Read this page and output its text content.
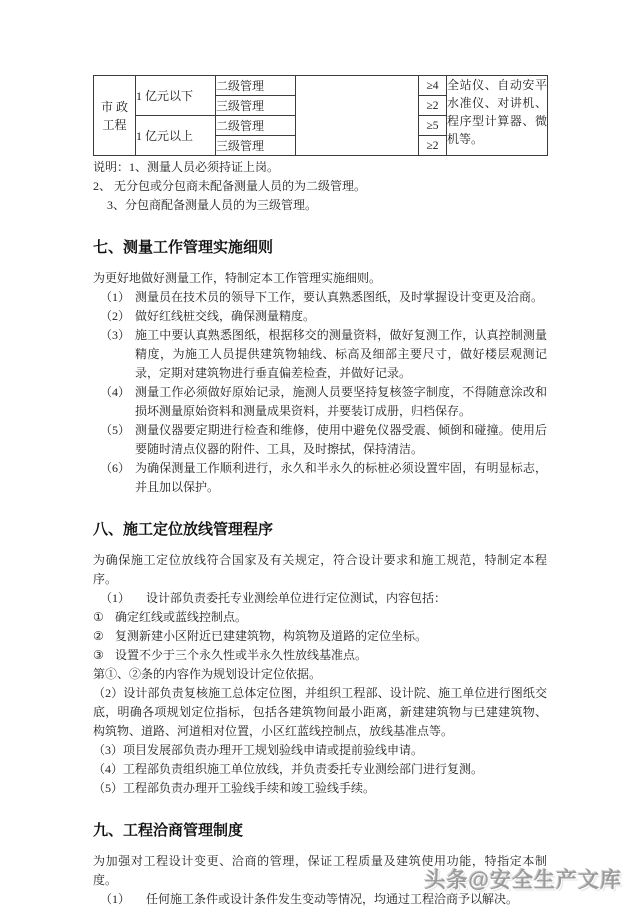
市 政
工程	1 亿元以下	二级管理		≥4	全站仪、自动安平水准仪、对讲机、程序型计算器、微机等。
		三级管理		≥2	
	1 亿元以上	二级管理		≥5	
		三级管理		≥2	

说明：1、测量人员必须持证上岗。

2、 无分包或分包商未配备测量人员的为二级管理。

3、分包商配备测量人员的为三级管理。

七、测量工作管理实施细则

为更好地做好测量工作，特制定本工作管理实施细则。

（1） 测量员在技术员的领导下工作，要认真熟悉图纸，及时掌握设计变更及洽商。
（2） 做好红线桩交线，确保测量精度。
（3） 施工中要认真熟悉图纸，根据移交的测量资料，做好复测工作，认真控制测量精度，为施工人员提供建筑物轴线、标高及细部主要尺寸，做好楼层观测记录，定期对建筑物进行垂直偏差检查，并做好记录。
（4） 测量工作必须做好原始记录，施测人员要坚持复核签字制度，不得随意涂改和损坏测量原始资料和测量成果资料，并要装订成册，归档保存。
（5） 测量仪器要定期进行检查和维修，使用中避免仪器受震、倾倒和碰撞。使用后要随时清点仪器的附件、工具，及时擦拭，保持清洁。
（6） 为确保测量工作顺利进行，永久和半永久的标桩必须设置牢固，有明显标志，并且加以保护。
八、施工定位放线管理程序

为确保施工定位放线符合国家及有关规定，符合设计要求和施工规范，特制定本程序。

（1）	设计部负责委托专业测绘单位进行定位测试，内容包括：
① 确定红线或蓝线控制点。
② 复测新建小区附近已建建筑物，构筑物及道路的定位坐标。
③ 设置不少于三个永久性或半永久性放线基准点。

第①、②条的内容作为规划设计定位依据。

（2）设计部负责复核施工总体定位图，并组织工程部、设计院、施工单位进行图纸交底，明确各项规划定位指标，包括各建筑物间最小距离，新建建筑物与已建建筑物、构筑物、道路、河道相对位置，小区红蓝线控制点，放线基准点等。

（3）项目发展部负责办理开工规划验线申请或提前验线申请。

（4）工程部负责组织施工单位放线，并负责委托专业测绘部门进行复测。

（5）工程部负责办理开工验线手续和竣工验线手续。

九、工程洽商管理制度

为加强对工程设计变更、洽商的管理，保证工程质量及建筑使用功能，特指定本制度。

（1）	任何施工条件或设计条件发生变动等情况，均通过工程洽商予以解决。
头条@安全生产文库
